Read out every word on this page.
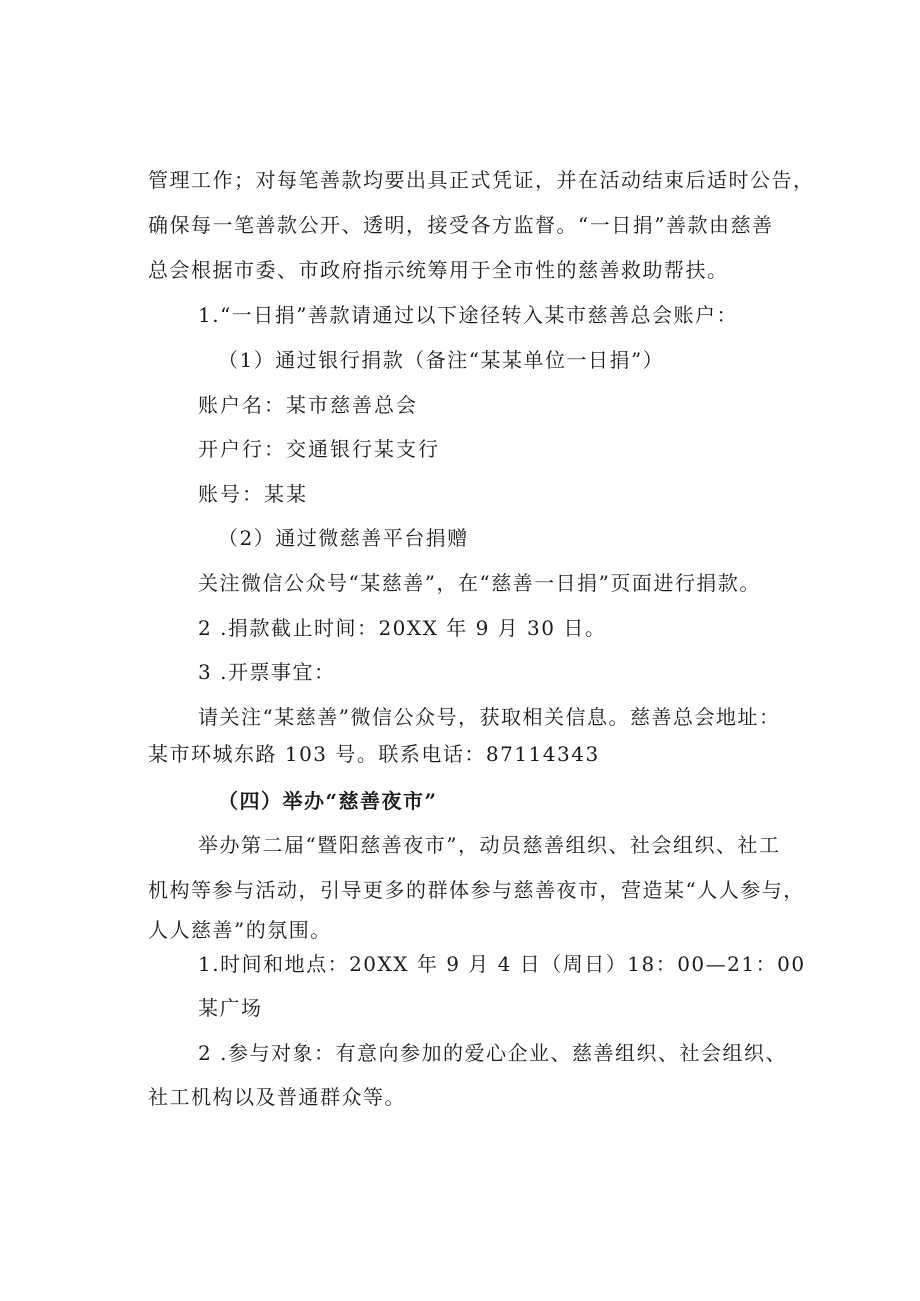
管理工作；对每笔善款均要出具正式凭证，并在活动结束后适时公告，
确保每一笔善款公开、透明，接受各方监督。“一日捐”善款由慈善
总会根据市委、市政府指示统筹用于全市性的慈善救助帮扶。
1.“一日捐”善款请通过以下途径转入某市慈善总会账户：
（1）通过银行捐款（备注“某某单位一日捐”）
账户名：某市慈善总会
开户行：交通银行某支行
账号：某某
（2）通过微慈善平台捐赠
关注微信公众号“某慈善”，在“慈善一日捐”页面进行捐款。
2 .捐款截止时间：20XX 年 9 月 30 日。
3 .开票事宜：
请关注“某慈善”微信公众号，获取相关信息。慈善总会地址：
某市环城东路 103 号。联系电话：87114343
（四）举办“慈善夜市”
举办第二届“暨阳慈善夜市”，动员慈善组织、社会组织、社工
机构等参与活动，引导更多的群体参与慈善夜市，营造某“人人参与，
人人慈善”的氛围。
1.时间和地点：20XX 年 9 月 4 日（周日）18：00—21：00
某广场
2 .参与对象：有意向参加的爱心企业、慈善组织、社会组织、
社工机构以及普通群众等。
